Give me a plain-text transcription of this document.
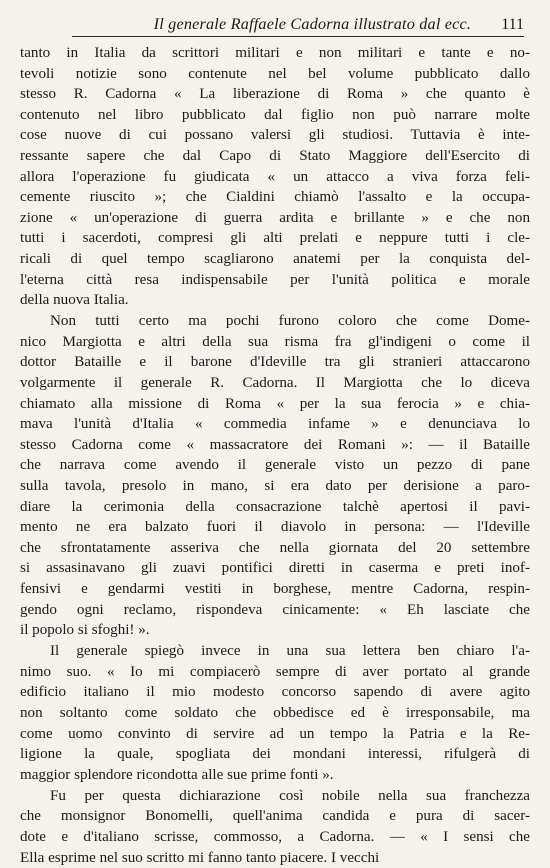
Il generale Raffaele Cadorna illustrato dal ecc. 111
tanto in Italia da scrittori militari e non militari e tante e no-
tevoli notizie sono contenute nel bel volume pubblicato dallo
stesso R. Cadorna « La liberazione di Roma » che quanto è
contenuto nel libro pubblicato dal figlio non può narrare molte
cose nuove di cui possano valersi gli studiosi. Tuttavia è inte-
ressante sapere che dal Capo di Stato Maggiore dell'Esercito di
allora l'operazione fu giudicata « un attacco a viva forza feli-
cemente riuscito »; che Cialdini chiamò l'assalto e la occupa-
zione « un'operazione di guerra ardita e brillante » e che non
tutti i sacerdoti, compresi gli alti prelati e neppure tutti i cle-
ricali di quel tempo scagliarono anatemi per la conquista del-
l'eterna città resa indispensabile per l'unità politica e morale
della nuova Italia.
Non tutti certo ma pochi furono coloro che come Dome-
nico Margiotta e altri della sua risma fra gl'indigeni o come il
dottor Bataille e il barone d'Ideville tra gli stranieri attaccarono
volgarmente il generale R. Cadorna. Il Margiotta che lo diceva
chiamato alla missione di Roma « per la sua ferocia » e chia-
mava l'unità d'Italia « commedia infame » e denunciava lo
stesso Cadorna come « massacratore dei Romani »: — il Bataille
che narrava come avendo il generale visto un pezzo di pane
sulla tavola, presolo in mano, si era dato per derisione a paro-
diare la cerimonia della consacrazione talchè apertosi il pavi-
mento ne era balzato fuori il diavolo in persona: — l'Ideville
che sfrontatamente asseriva che nella giornata del 20 settembre
si assasinavano gli zuavi pontifici diretti in caserma e preti inof-
fensivi e gendarmi vestiti in borghese, mentre Cadorna, respin-
gendo ogni reclamo, rispondeva cinicamente: « Eh lasciate che
il popolo si sfoghi! ».
Il generale spiegò invece in una sua lettera ben chiaro l'a-
nimo suo. « Io mi compiacerò sempre di aver portato al grande
edificio italiano il mio modesto concorso sapendo di avere agito
non soltanto come soldato che obbedisce ed è irresponsabile, ma
come uomo convinto di servire ad un tempo la Patria e la Re-
ligione la quale, spogliata dei mondani interessi, rifulgerà di
maggior splendore ricondotta alle sue prime fonti ».
Fu per questa dichiarazione così nobile nella sua franchezza
che monsignor Bonomelli, quell'anima candida e pura di sacer-
dote e d'italiano scrisse, commosso, a Cadorna. — « I sensi che
Ella esprime nel suo scritto mi fanno tanto piacere. I vecchi
